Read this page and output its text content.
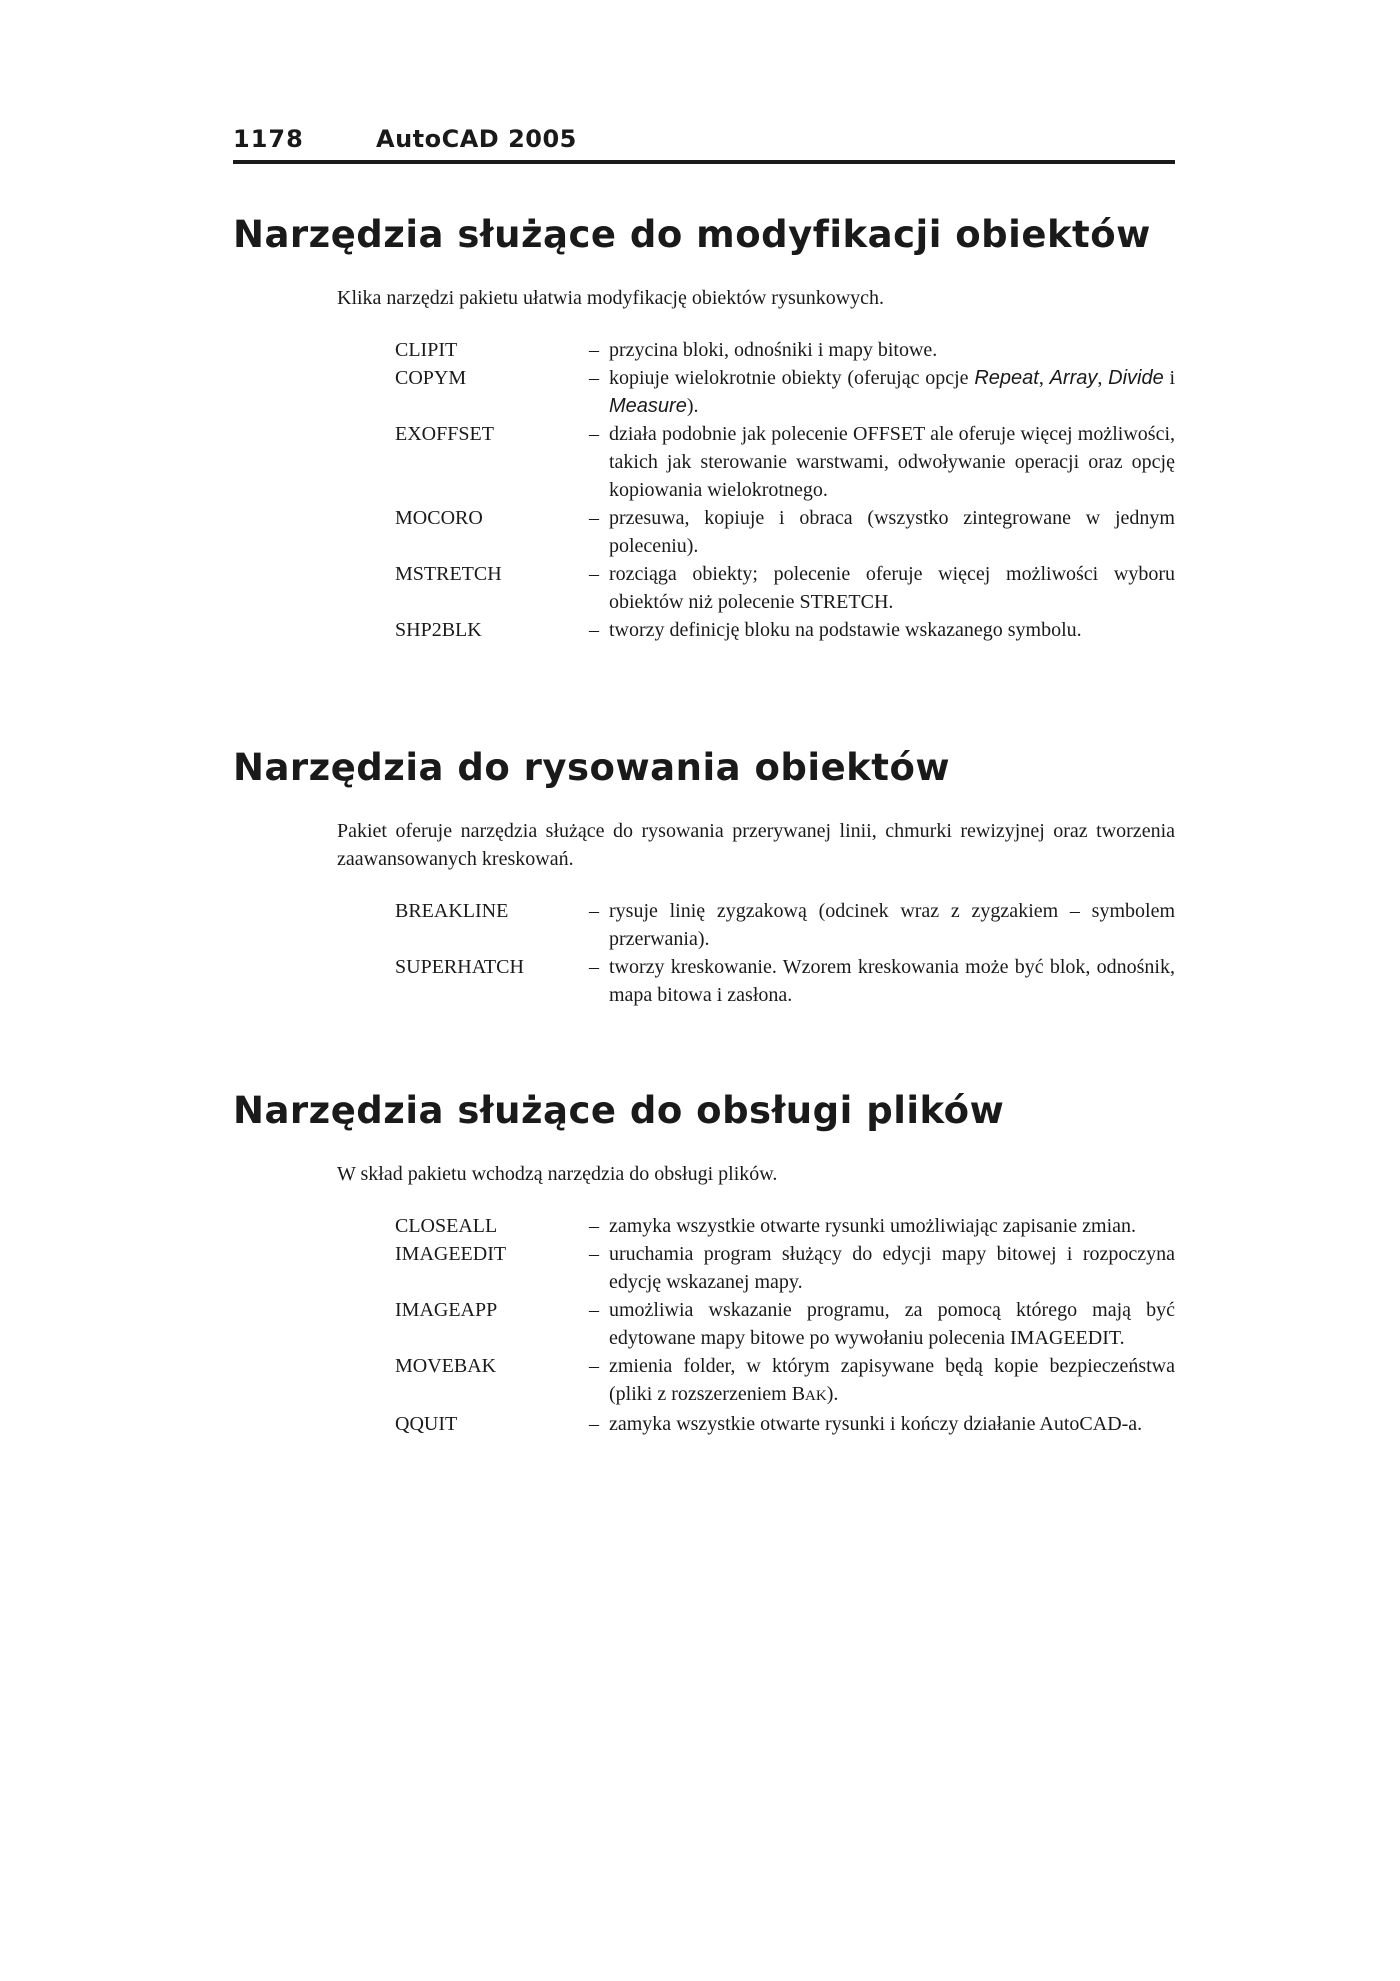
1178	AutoCAD 2005
Narzędzia służące do modyfikacji obiektów

Klika narzędzi pakietu ułatwia modyfikację obiektów rysunkowych.

CLIPIT	– przycina bloki, odnośniki i mapy bitowe.
COPYM	– kopiuje wielokrotnie obiekty (oferując opcje Repeat, Array, Divide i Measure).
EXOFFSET	– działa podobnie jak polecenie OFFSET ale oferuje więcej możliwości, takich jak sterowanie warstwami, odwoływanie operacji oraz opcję kopiowania wielokrotnego.
MOCORO	– przesuwa, kopiuje i obraca (wszystko zintegrowane w jednym poleceniu).
MSTRETCH	– rozciąga obiekty; polecenie oferuje więcej możliwości wyboru obiektów niż polecenie STRETCH.
SHP2BLK	– tworzy definicję bloku na podstawie wskazanego symbolu.
Narzędzia do rysowania obiektów

Pakiet oferuje narzędzia służące do rysowania przerywanej linii, chmurki rewizyjnej oraz tworzenia zaawansowanych kreskowań.

BREAKLINE	– rysuje linię zygzakową (odcinek wraz z zygzakiem – symbolem przerwania).
SUPERHATCH	– tworzy kreskowanie. Wzorem kreskowania może być blok, odnośnik, mapa bitowa i zasłona.
Narzędzia służące do obsługi plików

W skład pakietu wchodzą narzędzia do obsługi plików.

CLOSEALL	– zamyka wszystkie otwarte rysunki umożliwiając zapisanie zmian.
IMAGEEDIT	– uruchamia program służący do edycji mapy bitowej i rozpoczyna edycję wskazanej mapy.
IMAGEAPP	– umożliwia wskazanie programu, za pomocą którego mają być edytowane mapy bitowe po wywołaniu polecenia IMAGEEDIT.
MOVEBAK	– zmienia folder, w którym zapisywane będą kopie bezpieczeństwa (pliki z rozszerzeniem BAK).
QQUIT	– zamyka wszystkie otwarte rysunki i kończy działanie AutoCAD-a.
